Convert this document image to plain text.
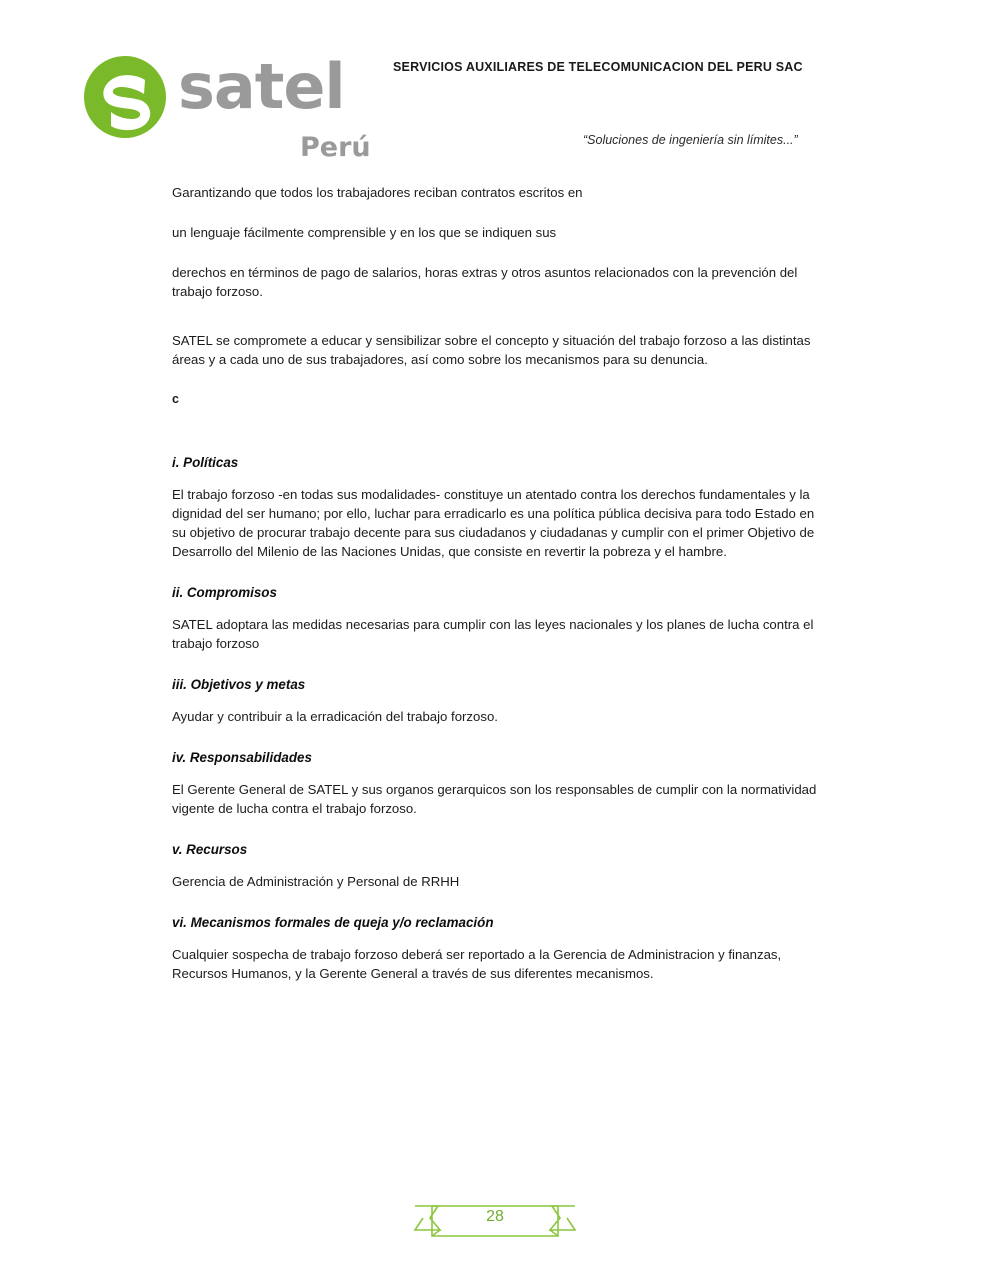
satel
Perú
SERVICIOS AUXILIARES DE TELECOMUNICACION DEL PERU SAC
“Soluciones de ingeniería sin límites...”

Garantizando que todos los trabajadores reciban contratos escritos en

un lenguaje fácilmente comprensible y en los que se indiquen sus

derechos en términos de pago de salarios, horas extras y otros asuntos relacionados con la prevención del trabajo forzoso.

SATEL se compromete a educar y sensibilizar sobre el concepto y situación del trabajo forzoso a las distintas áreas y a cada uno de sus trabajadores, así como sobre los mecanismos para su denuncia.

c

i. Políticas

El trabajo forzoso -en todas sus modalidades- constituye un atentado contra los derechos fundamentales y la dignidad del ser humano; por ello, luchar para erradicarlo es una política pública decisiva para todo Estado en su objetivo de procurar trabajo decente para sus ciudadanos y ciudadanas y cumplir con el primer Objetivo de Desarrollo del Milenio de las Naciones Unidas, que consiste en revertir la pobreza y el hambre.

ii. Compromisos

SATEL adoptara las medidas necesarias para cumplir con las leyes nacionales y los planes de lucha contra el trabajo forzoso

iii. Objetivos y metas

Ayudar y contribuir a la erradicación del trabajo forzoso.

iv. Responsabilidades

El Gerente General de SATEL y sus organos gerarquicos son los responsables de cumplir con la normatividad vigente de lucha contra el trabajo forzoso.

v. Recursos

Gerencia de Administración y Personal de RRHH

vi. Mecanismos formales de queja y/o reclamación

Cualquier sospecha de trabajo forzoso deberá ser reportado a la Gerencia de Administracion y finanzas, Recursos Humanos, y la Gerente General a través de sus diferentes mecanismos.

28
